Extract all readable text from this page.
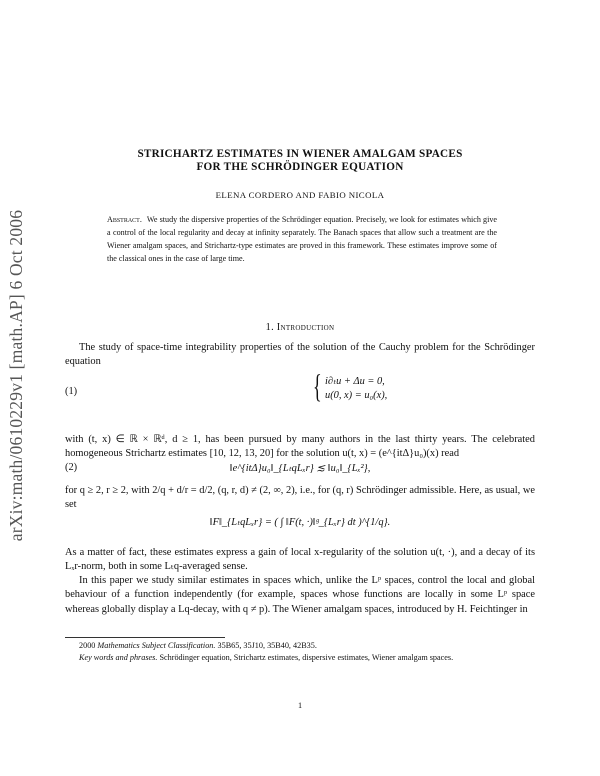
arXiv:math/0610229v1 [math.AP] 6 Oct 2006
STRICHARTZ ESTIMATES IN WIENER AMALGAM SPACES
FOR THE SCHRÖDINGER EQUATION
ELENA CORDERO AND FABIO NICOLA
Abstract. We study the dispersive properties of the Schrödinger equation. Precisely, we look for estimates which give a control of the local regularity and decay at infinity separately. The Banach spaces that allow such a treatment are the Wiener amalgam spaces, and Strichartz-type estimates are proved in this framework. These estimates improve some of the classical ones in the case of large time.
1. Introduction
The study of space-time integrability properties of the solution of the Cauchy problem for the Schrödinger equation
(1)	{ i∂ₜu + Δu = 0,
u(0, x) = u₀(x),
with (t, x) ∈ ℝ × ℝᵈ, d ≥ 1, has been pursued by many authors in the last thirty years. The celebrated homogeneous Strichartz estimates [10, 12, 13, 20] for the solution u(t, x) = (e^{itΔ}u₀)(x) read
(2)	‖e^{itΔ}u₀‖_{LₜqLₓr} ≲ ‖u₀‖_{Lₓ²},
for q ≥ 2, r ≥ 2, with 2/q + d/r = d/2, (q, r, d) ≠ (2, ∞, 2), i.e., for (q, r) Schrödinger admissible. Here, as usual, we set
‖F‖_{LₜqLₓr} = ( ∫ ‖F(t, ·)‖ᵍ_{Lₓr} dt )^{1/q}.
As a matter of fact, these estimates express a gain of local x-regularity of the solution u(t, ·), and a decay of its Lₓr-norm, both in some Lₜq-averaged sense.
In this paper we study similar estimates in spaces which, unlike the Lᵖ spaces, control the local and global behaviour of a function independently (for example, spaces whose functions are locally in some Lᵖ space whereas globally display a Lq-decay, with q ≠ p). The Wiener amalgam spaces, introduced by H. Feichtinger in
2000 Mathematics Subject Classification. 35B65, 35J10, 35B40, 42B35.
Key words and phrases. Schrödinger equation, Strichartz estimates, dispersive estimates, Wiener amalgam spaces.
1
